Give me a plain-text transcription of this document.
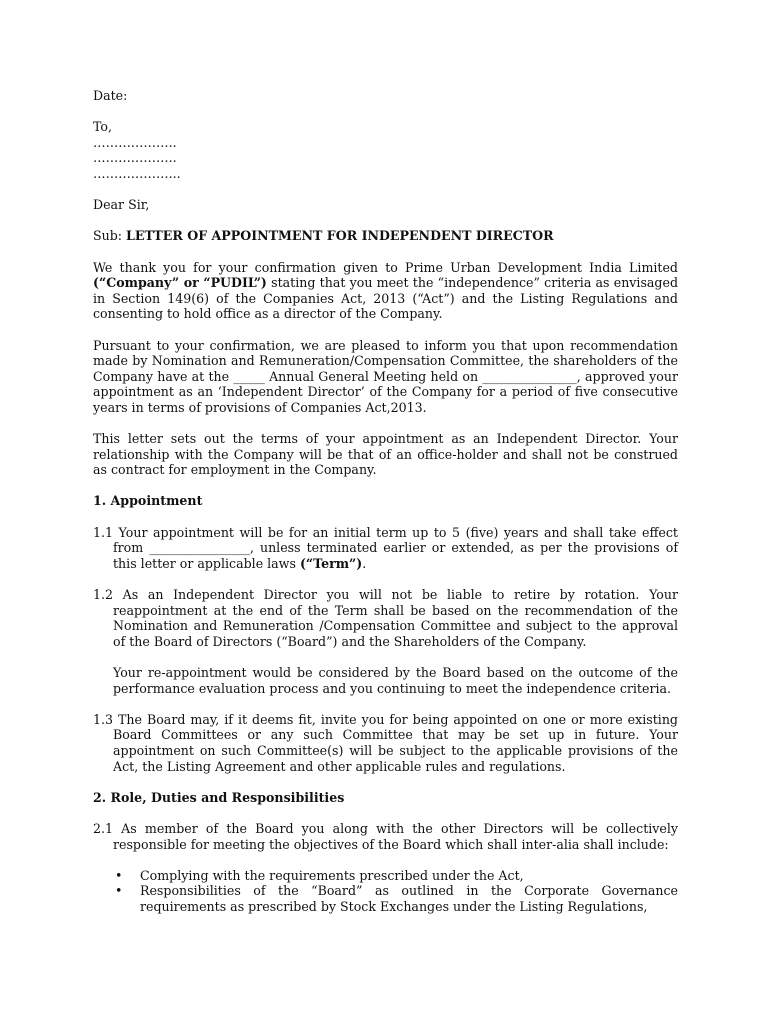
Date:

To,

………………..

………………..

………………...

Dear Sir,

Sub: LETTER OF APPOINTMENT FOR INDEPENDENT DIRECTOR

We thank you for your confirmation given to Prime Urban Development India Limited (“Company” or “PUDIL”) stating that you meet the “independence” criteria as envisaged in Section 149(6) of the Companies Act, 2013 (“Act”) and the Listing Regulations and consenting to hold office as a director of the Company.

Pursuant to your confirmation, we are pleased to inform you that upon recommendation made by Nomination and Remuneration/Compensation Committee, the shareholders of the Company have at the _____ Annual General Meeting held on _______________, approved your appointment as an ‘Independent Director’ of the Company for a period of five consecutive years in terms of provisions of Companies Act,2013.

This letter sets out the terms of your appointment as an Independent Director. Your relationship with the Company will be that of an office-holder and shall not be construed as contract for employment in the Company.

1. Appointment

1.1 Your appointment will be for an initial term up to 5 (five) years and shall take effect from ________________, unless terminated earlier or extended, as per the provisions of this letter or applicable laws (“Term”).

1.2 As an Independent Director you will not be liable to retire by rotation. Your reappointment at the end of the Term shall be based on the recommendation of the Nomination and Remuneration /Compensation Committee and subject to the approval of the Board of Directors (“Board”) and the Shareholders of the Company.

Your re-appointment would be considered by the Board based on the outcome of the performance evaluation process and you continuing to meet the independence criteria.

1.3 The Board may, if it deems fit, invite you for being appointed on one or more existing Board Committees or any such Committee that may be set up in future. Your appointment on such Committee(s) will be subject to the applicable provisions of the Act, the Listing Agreement and other applicable rules and regulations.

2. Role, Duties and Responsibilities

2.1 As member of the Board you along with the other Directors will be collectively responsible for meeting the objectives of the Board which shall inter-alia shall include:

• Complying with the requirements prescribed under the Act,
• Responsibilities of the “Board” as outlined in the Corporate Governance requirements as prescribed by Stock Exchanges under the Listing Regulations,
